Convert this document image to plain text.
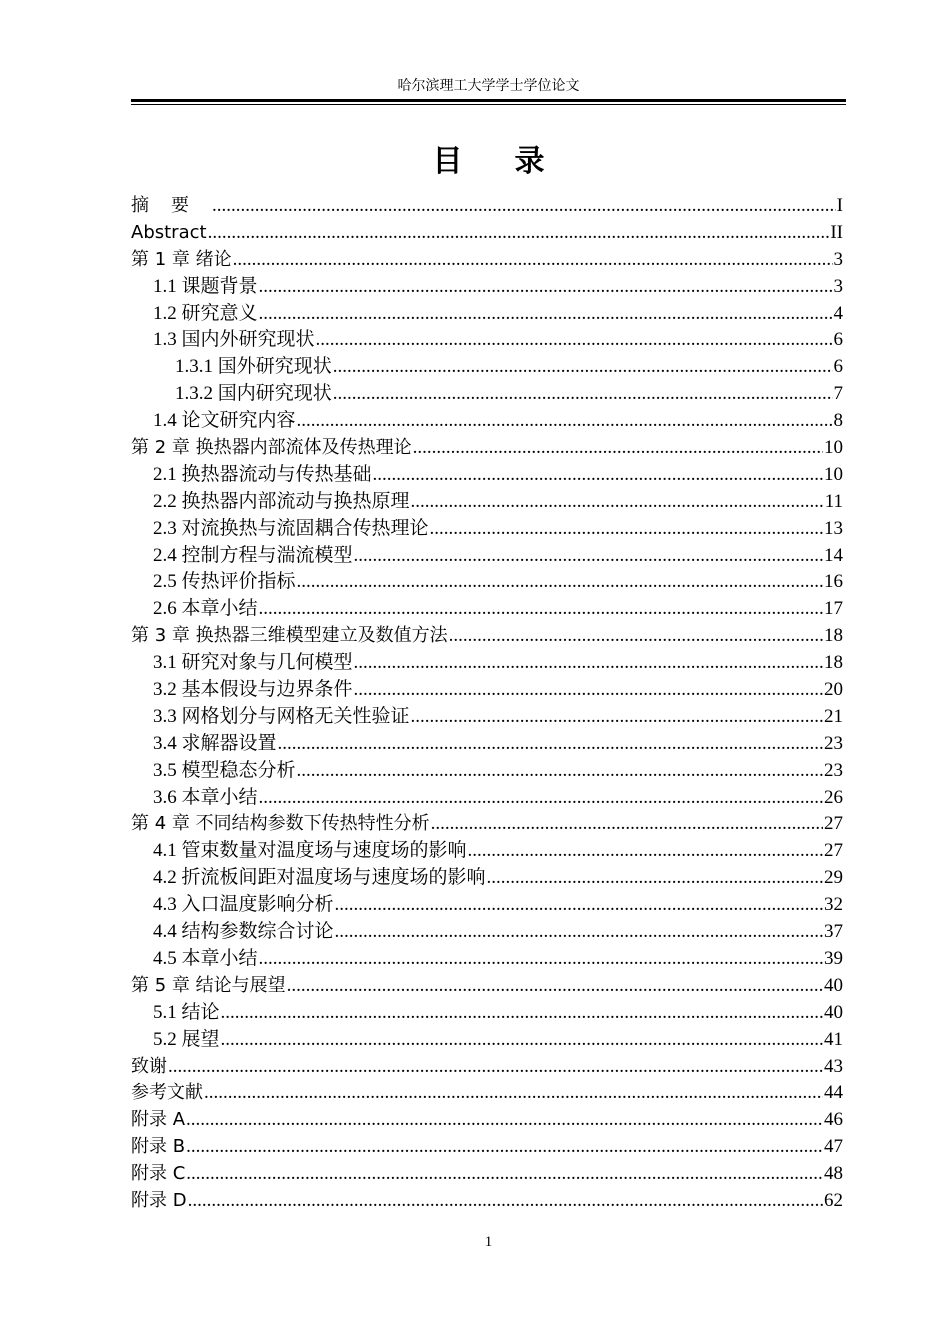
哈尔滨理工大学学士学位论文
目录
摘要 .....	I
Abstract .....	II
第 1 章 绪论 .....	3
1.1 课题背景 .....	3
1.2 研究意义 .....	4
1.3 国内外研究现状 .....	6
1.3.1 国外研究现状 .....	6
1.3.2 国内研究现状 .....	7
1.4 论文研究内容 .....	8
第 2 章 换热器内部流体及传热理论 .....	10
2.1 换热器流动与传热基础 .....	10
2.2 换热器内部流动与换热原理 .....	11
2.3 对流换热与流固耦合传热理论 .....	13
2.4 控制方程与湍流模型 .....	14
2.5 传热评价指标 .....	16
2.6 本章小结 .....	17
第 3 章 换热器三维模型建立及数值方法 .....	18
3.1 研究对象与几何模型 .....	18
3.2 基本假设与边界条件 .....	20
3.3 网格划分与网格无关性验证 .....	21
3.4 求解器设置 .....	23
3.5 模型稳态分析 .....	23
3.6 本章小结 .....	26
第 4 章 不同结构参数下传热特性分析 .....	27
4.1 管束数量对温度场与速度场的影响 .....	27
4.2 折流板间距对温度场与速度场的影响 .....	29
4.3 入口温度影响分析 .....	32
4.4 结构参数综合讨论 .....	37
4.5 本章小结 .....	39
第 5 章 结论与展望 .....	40
5.1 结论 .....	40
5.2 展望 .....	41
致谢 .....	43
参考文献 .....	44
附录 A .....	46
附录 B .....	47
附录 C .....	48
附录 D .....	62
1
